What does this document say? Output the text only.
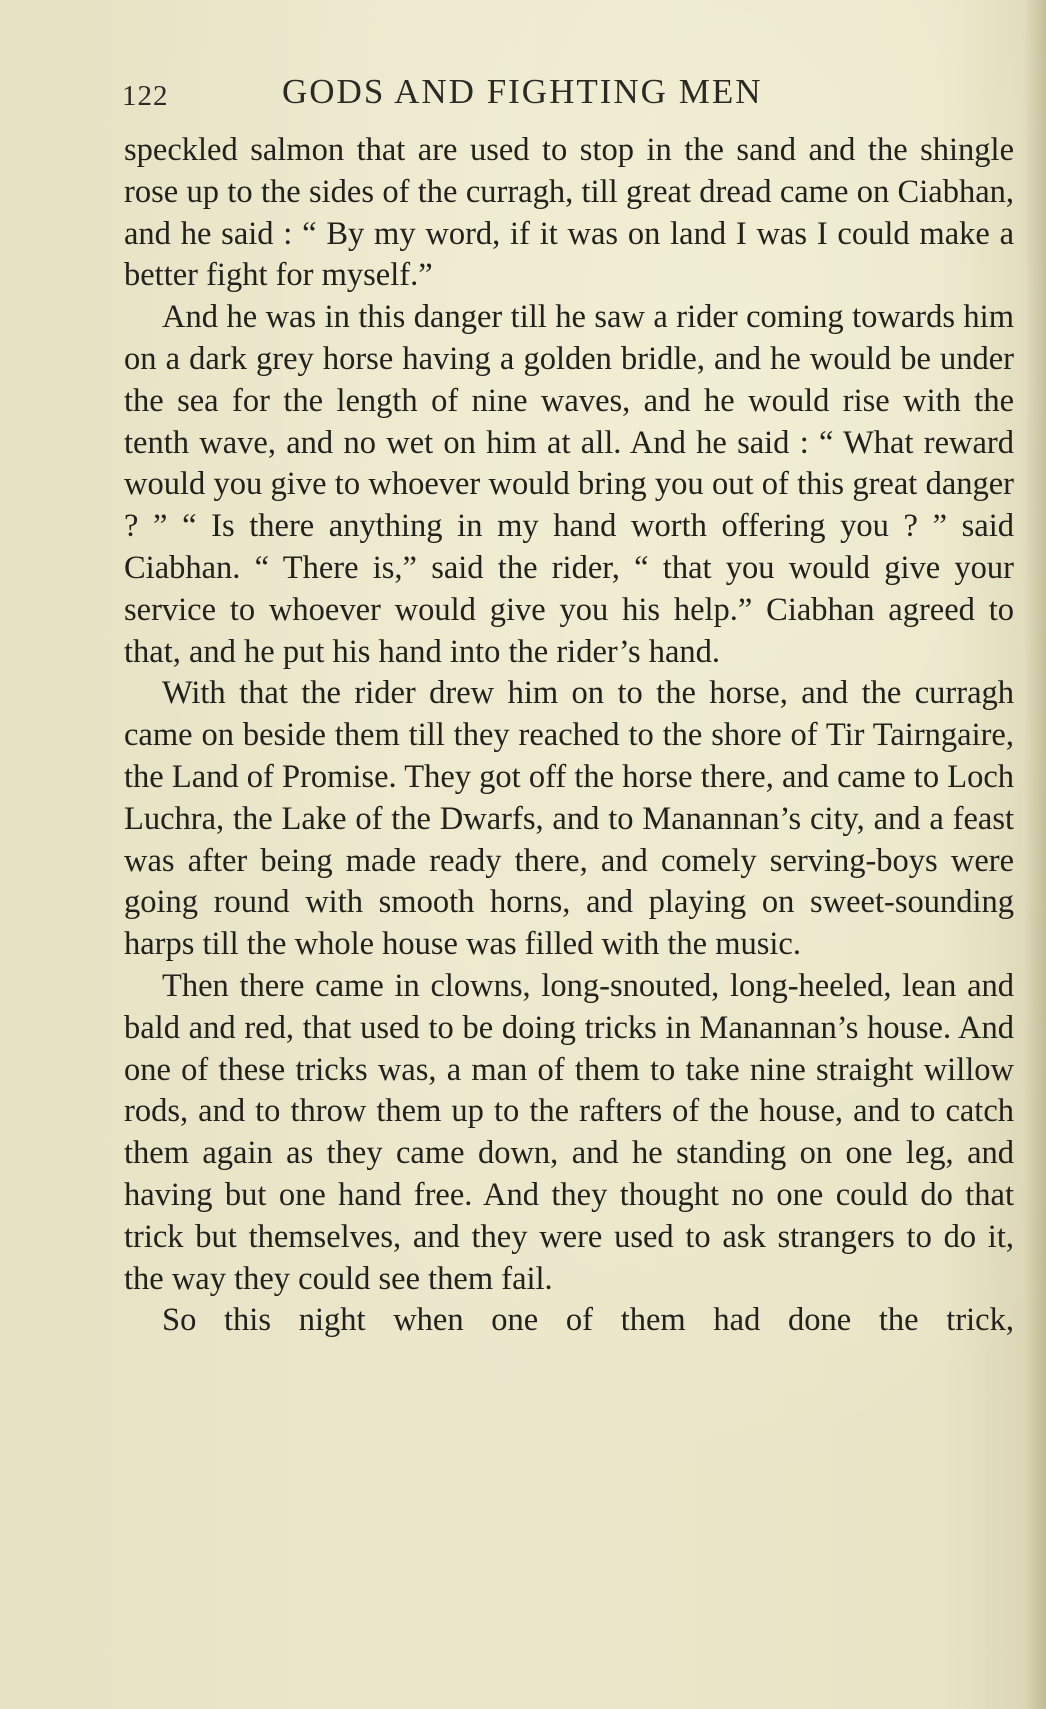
122	GODS AND FIGHTING MEN

speckled salmon that are used to stop in the sand and the shingle rose up to the sides of the curragh, till great dread came on Ciabhan, and he said : “ By my word, if it was on land I was I could make a better fight for myself.”

And he was in this danger till he saw a rider coming towards him on a dark grey horse having a golden bridle, and he would be under the sea for the length of nine waves, and he would rise with the tenth wave, and no wet on him at all. And he said : “ What reward would you give to whoever would bring you out of this great danger ? ” “ Is there anything in my hand worth offering you ? ” said Ciabhan. “ There is,” said the rider, “ that you would give your service to whoever would give you his help.” Ciabhan agreed to that, and he put his hand into the rider’s hand.

With that the rider drew him on to the horse, and the curragh came on beside them till they reached to the shore of Tir Tairngaire, the Land of Promise. They got off the horse there, and came to Loch Luchra, the Lake of the Dwarfs, and to Manannan’s city, and a feast was after being made ready there, and comely serving-boys were going round with smooth horns, and playing on sweet-sounding harps till the whole house was filled with the music.

Then there came in clowns, long-snouted, long-heeled, lean and bald and red, that used to be doing tricks in Manannan’s house. And one of these tricks was, a man of them to take nine straight willow rods, and to throw them up to the rafters of the house, and to catch them again as they came down, and he standing on one leg, and having but one hand free. And they thought no one could do that trick but themselves, and they were used to ask strangers to do it, the way they could see them fail.

So this night when one of them had done the trick,
